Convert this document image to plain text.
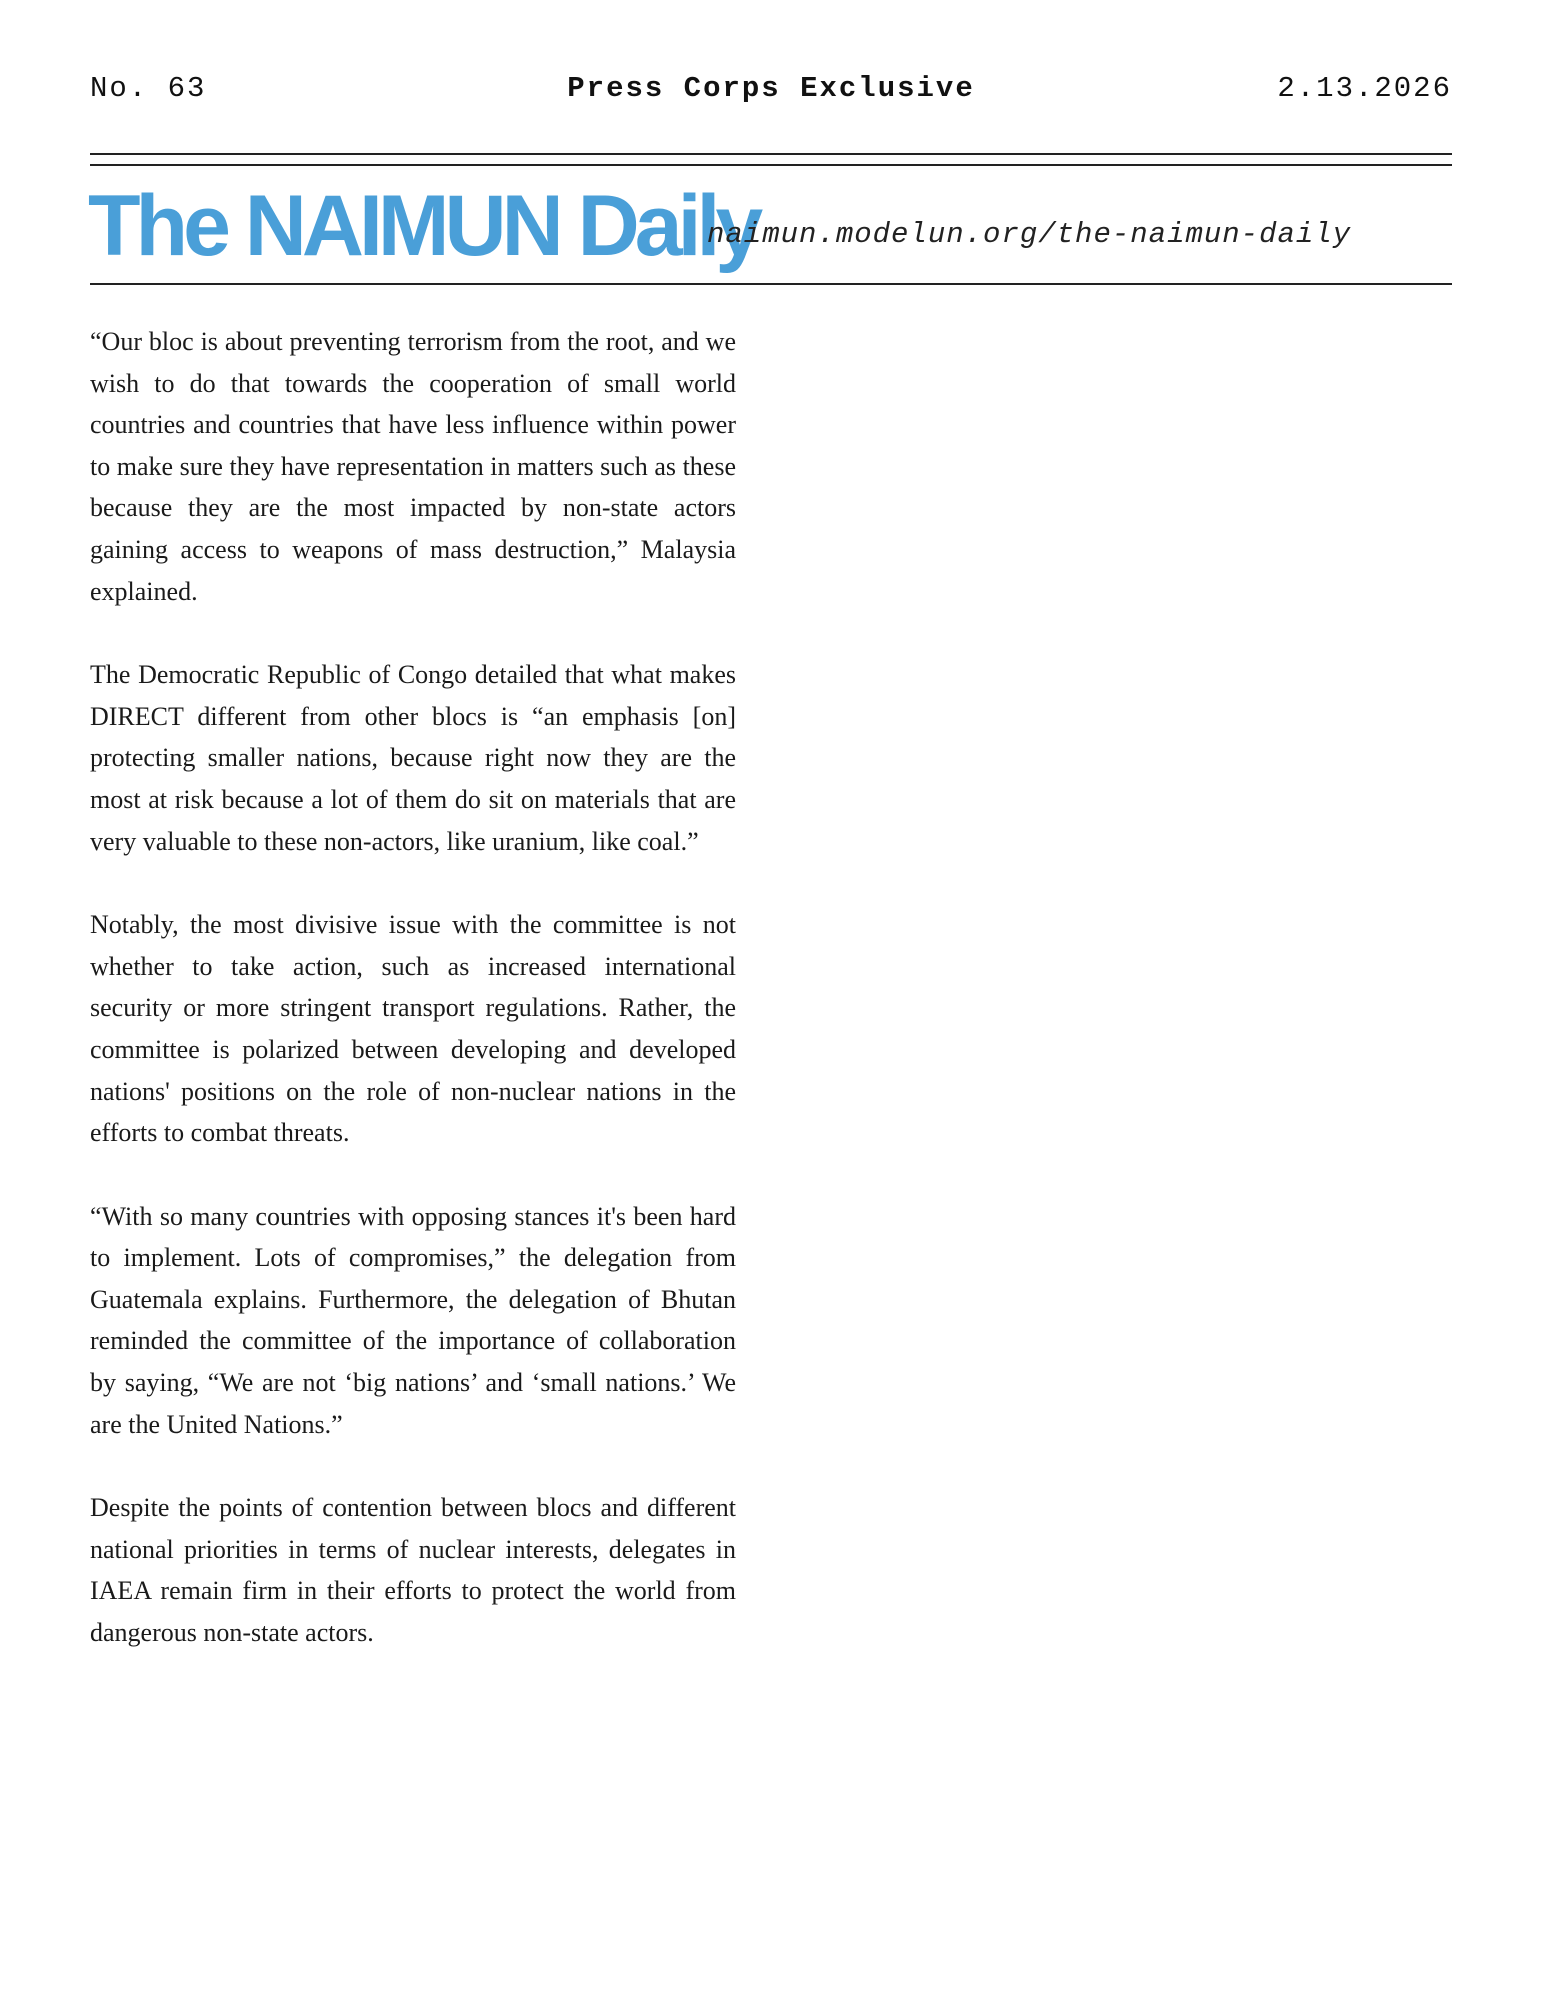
No. 63	Press Corps Exclusive	2.13.2026
The NAIMUN Daily
naimun.modelun.org/the-naimun-daily

“Our bloc is about preventing terrorism from the root, and we wish to do that towards the cooperation of small world countries and countries that have less influence within power to make sure they have representation in matters such as these because they are the most impacted by non-state actors gaining access to weapons of mass destruction,” Malaysia explained.

The Democratic Republic of Congo detailed that what makes DIRECT different from other blocs is “an emphasis [on] protecting smaller nations, because right now they are the most at risk because a lot of them do sit on materials that are very valuable to these non-actors, like uranium, like coal.”

Notably, the most divisive issue with the committee is not whether to take action, such as increased international security or more stringent transport regulations. Rather, the committee is polarized between developing and developed nations' positions on the role of non-nuclear nations in the efforts to combat threats.

“With so many countries with opposing stances it's been hard to implement. Lots of compromises,” the delegation from Guatemala explains. Furthermore, the delegation of Bhutan reminded the committee of the importance of collaboration by saying, “We are not ‘big nations’ and ‘small nations.’ We are the United Nations.”

Despite the points of contention between blocs and different national priorities in terms of nuclear interests, delegates in IAEA remain firm in their efforts to protect the world from dangerous non-state actors.
